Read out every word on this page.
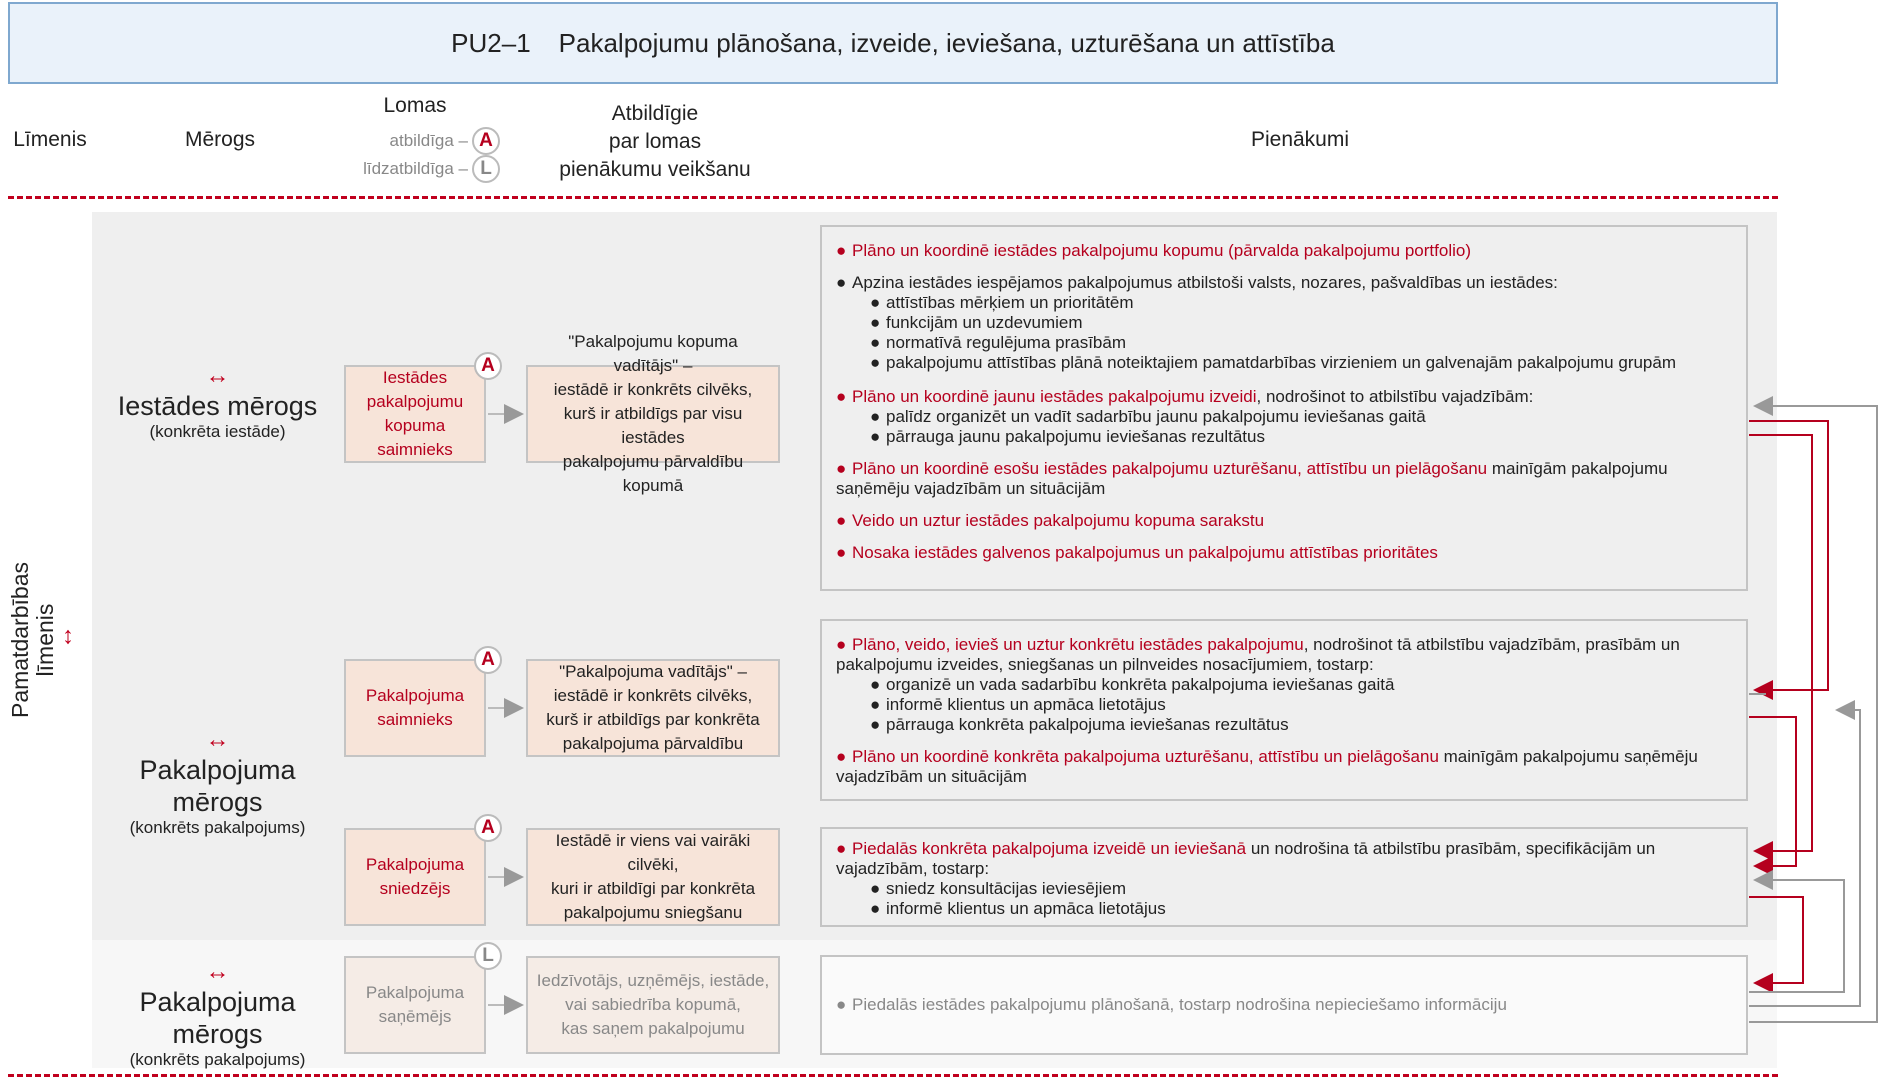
PU2–1 Pakalpojumu plānošana, izveide, ieviešana, uzturēšana un attīstība
Līmenis	Mērogs
Lomas
atbildīga – A
līdzatbildīga – L
Atbildīgie
par lomas
pienākumu veikšanu
Pienākumi
Pamatdarbības līmenis ↔
↔
Iestādes mērogs
(konkrēta iestāde)
↔
Pakalpojuma mērogs
(konkrēts pakalpojums)
↔
Pakalpojuma mērogs
(konkrēts pakalpojums)
Iestādes
pakalpojumu
kopuma
saimnieks
A
Pakalpojuma
saimnieks
A
Pakalpojuma
sniedzējs
A
Pakalpojuma
saņēmējs
L
"Pakalpojumu kopuma vadītājs" –
iestādē ir konkrēts cilvēks,
kurš ir atbildīgs par visu iestādes
pakalpojumu pārvaldību kopumā
"Pakalpojuma vadītājs" –
iestādē ir konkrēts cilvēks,
kurš ir atbildīgs par konkrēta
pakalpojuma pārvaldību
Iestādē ir viens vai vairāki cilvēki,
kuri ir atbildīgi par konkrēta
pakalpojumu sniegšanu
Iedzīvotājs, uzņēmējs, iestāde,
vai sabiedrība kopumā,
kas saņem pakalpojumu

● Plāno un koordinē iestādes pakalpojumu kopumu (pārvalda pakalpojumu portfolio)

● Apzina iestādes iespējamos pakalpojumus atbilstoši valsts, nozares, pašvaldības un iestādes:
● attīstības mērķiem un prioritātēm
● funkcijām un uzdevumiem
● normatīvā regulējuma prasībām
● pakalpojumu attīstības plānā noteiktajiem pamatdarbības virzieniem un galvenajām pakalpojumu grupām

● Plāno un koordinē jaunu iestādes pakalpojumu izveidi, nodrošinot to atbilstību vajadzībām:
● palīdz organizēt un vadīt sadarbību jaunu pakalpojumu ieviešanas gaitā
● pārrauga jaunu pakalpojumu ieviešanas rezultātus

● Plāno un koordinē esošu iestādes pakalpojumu uzturēšanu, attīstību un pielāgošanu mainīgām pakalpojumu saņēmēju vajadzībām un situācijām

● Veido un uztur iestādes pakalpojumu kopuma sarakstu

● Nosaka iestādes galvenos pakalpojumus un pakalpojumu attīstības prioritātes

● Plāno, veido, ievieš un uztur konkrētu iestādes pakalpojumu, nodrošinot tā atbilstību vajadzībām, prasībām un pakalpojumu izveides, sniegšanas un pilnveides nosacījumiem, tostarp:
● organizē un vada sadarbību konkrēta pakalpojuma ieviešanas gaitā
● informē klientus un apmāca lietotājus
● pārrauga konkrēta pakalpojuma ieviešanas rezultātus

● Plāno un koordinē konkrēta pakalpojuma uzturēšanu, attīstību un pielāgošanu mainīgām pakalpojumu saņēmēju vajadzībām un situācijām

● Piedalās konkrēta pakalpojuma izveidē un ieviešanā un nodrošina tā atbilstību prasībām, specifikācijām un vajadzībām, tostarp:
● sniedz konsultācijas ieviesējiem
● informē klientus un apmāca lietotājus

● Piedalās iestādes pakalpojumu plānošanā, tostarp nodrošina nepieciešamo informāciju
